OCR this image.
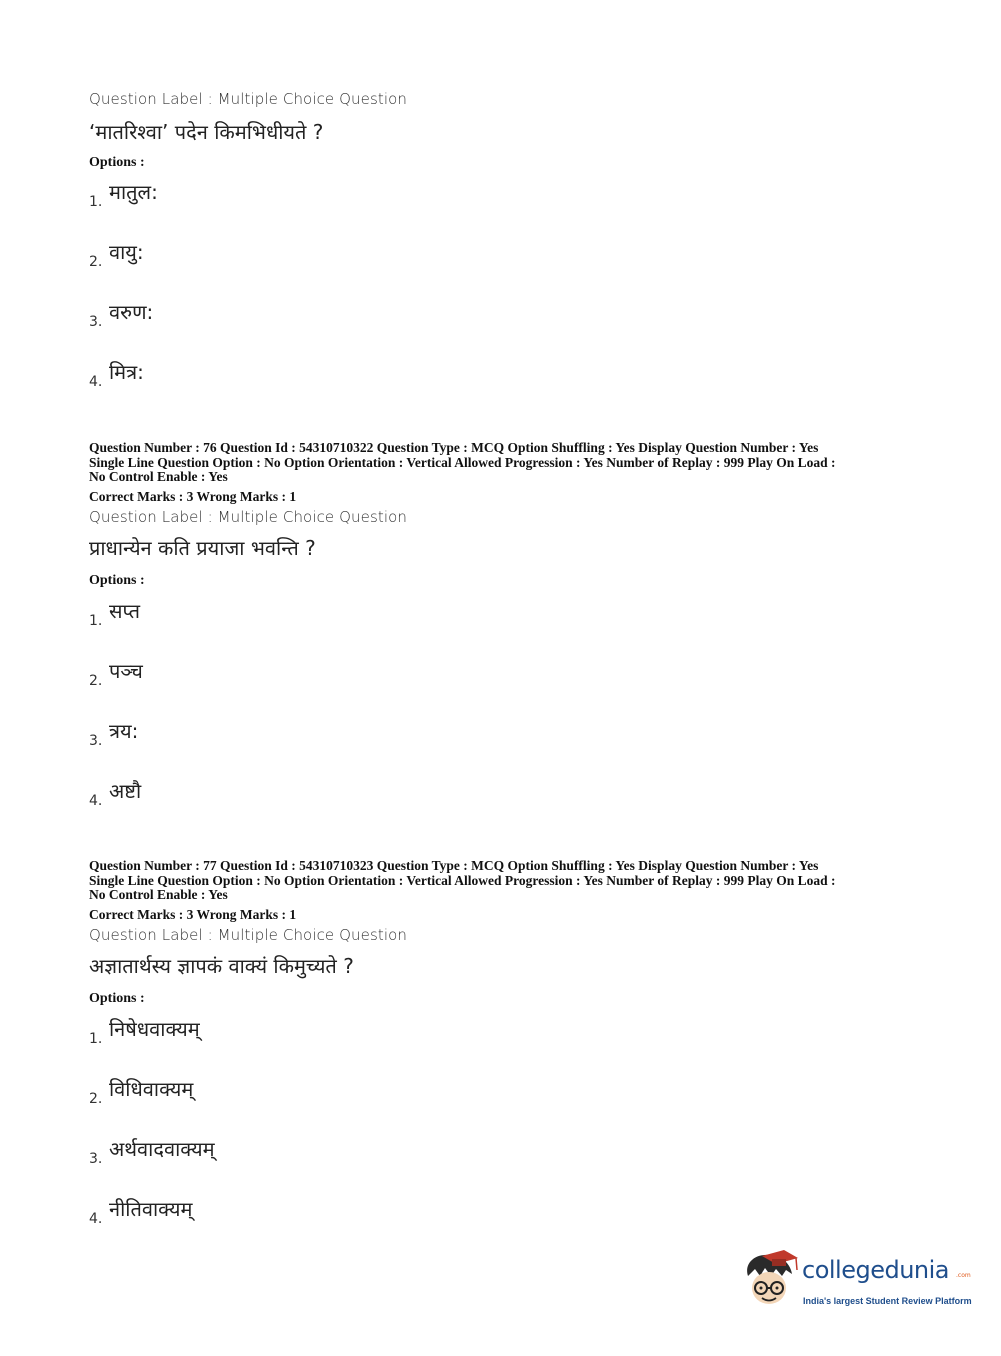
Question Label : Multiple Choice Question
‘मातरिश्वा’ पदेन किमभिधीयते ?
Options :
1. मातुल:
2. वायु:
3. वरुण:
4. मित्र:
Question Number : 76 Question Id : 54310710322 Question Type : MCQ Option Shuffling : Yes Display Question Number : Yes
Single Line Question Option : No Option Orientation : Vertical Allowed Progression : Yes Number of Replay : 999 Play On Load :
No Control Enable : Yes
Correct Marks : 3 Wrong Marks : 1
Question Label : Multiple Choice Question
प्राधान्येन कति प्रयाजा भवन्ति ?
Options :
1. सप्त
2. पञ्च
3. त्रय:
4. अष्टौ
Question Number : 77 Question Id : 54310710323 Question Type : MCQ Option Shuffling : Yes Display Question Number : Yes
Single Line Question Option : No Option Orientation : Vertical Allowed Progression : Yes Number of Replay : 999 Play On Load :
No Control Enable : Yes
Correct Marks : 3 Wrong Marks : 1
Question Label : Multiple Choice Question
अज्ञातार्थस्य ज्ञापकं वाक्यं किमुच्यते ?
Options :
1. निषेधवाक्यम्
2. विधिवाक्यम्
3. अर्थवादवाक्यम्
4. नीतिवाक्यम्
collegedunia .com
India's largest Student Review Platform
